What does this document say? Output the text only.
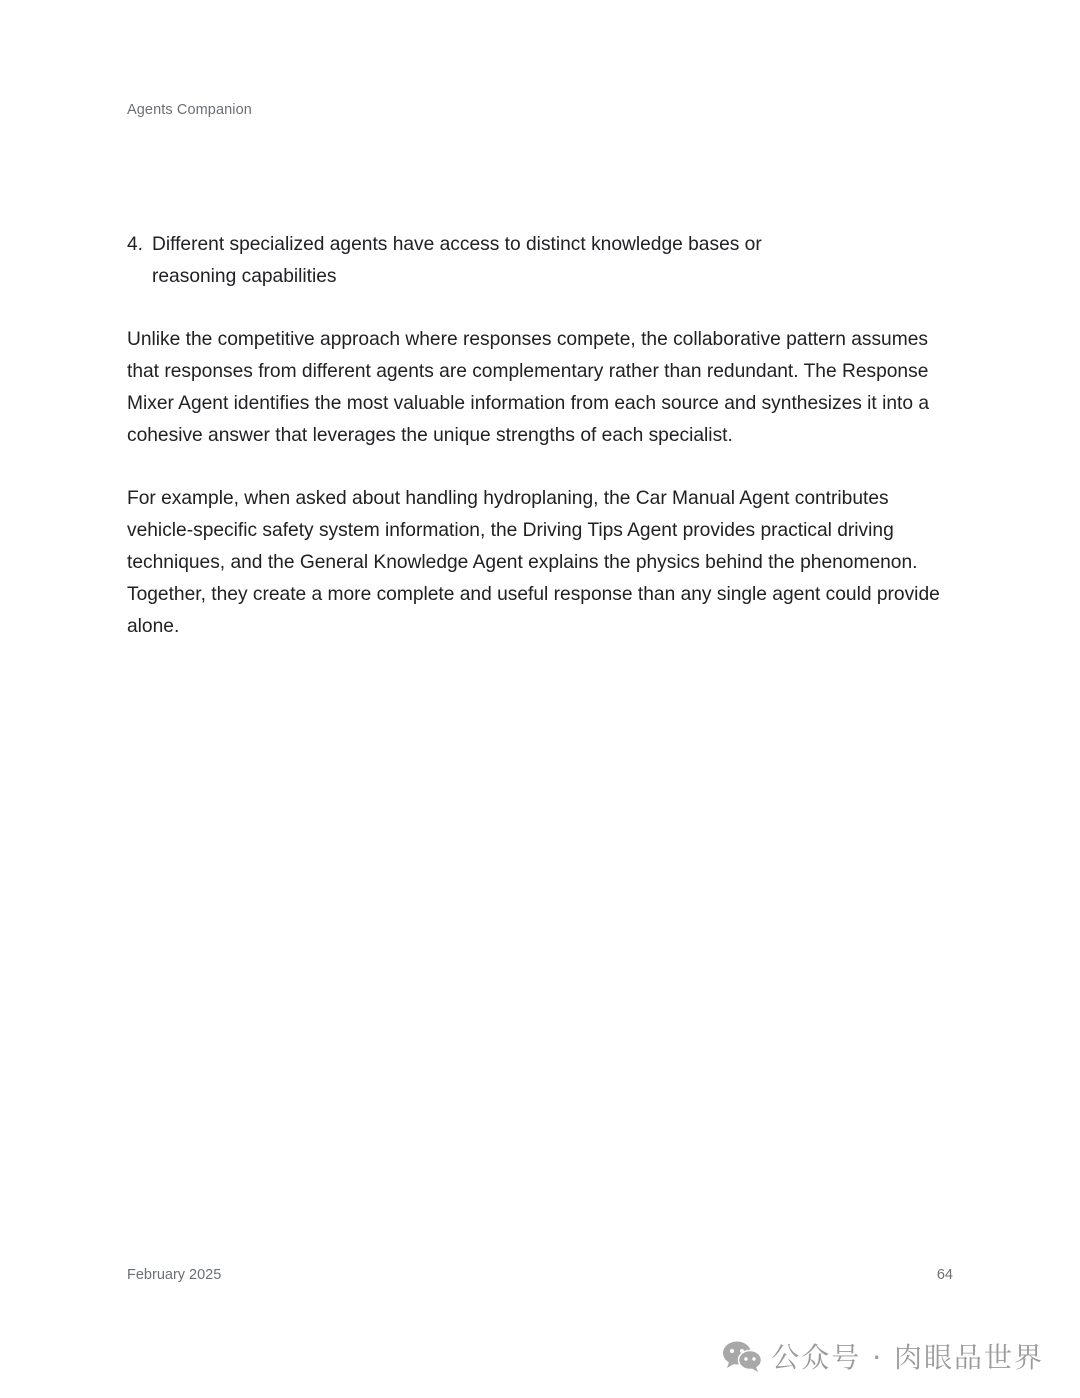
Agents Companion
4. Different specialized agents have access to distinct knowledge bases or reasoning capabilities

Unlike the competitive approach where responses compete, the collaborative pattern assumes that responses from different agents are complementary rather than redundant. The Response Mixer Agent identifies the most valuable information from each source and synthesizes it into a cohesive answer that leverages the unique strengths of each specialist.

For example, when asked about handling hydroplaning, the Car Manual Agent contributes vehicle-specific safety system information, the Driving Tips Agent provides practical driving techniques, and the General Knowledge Agent explains the physics behind the phenomenon. Together, they create a more complete and useful response than any single agent could provide alone.

February 2025	64
公众号 · 肉眼品世界
